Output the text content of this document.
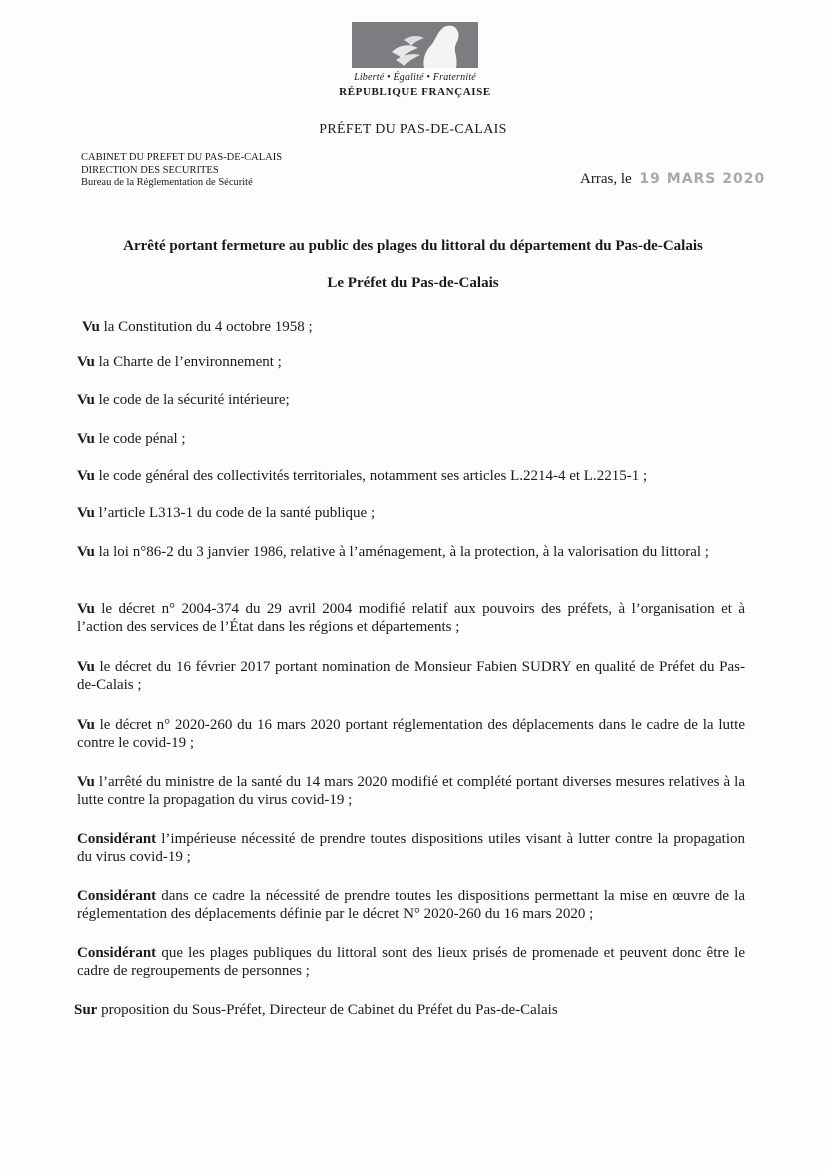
Liberté • Égalité • Fraternité
RÉPUBLIQUE FRANÇAISE
PRÉFET DU PAS-DE-CALAIS
CABINET DU PREFET DU PAS-DE-CALAIS
DIRECTION DES SECURITES
Bureau de la Réglementation de Sécurité	Arras, le 19 MARS 2020
Arrêté portant fermeture au public des plages du littoral du département du Pas-de-Calais
Le Préfet du Pas-de-Calais
Vu la Constitution du 4 octobre 1958 ;
Vu la Charte de l’environnement ;
Vu le code de la sécurité intérieure;
Vu le code pénal ;
Vu le code général des collectivités territoriales, notamment ses articles L.2214-4 et L.2215-1 ;
Vu l’article L313-1 du code de la santé publique ;
Vu la loi n°86-2 du 3 janvier 1986, relative à l’aménagement, à la protection, à la valorisation du littoral ;
Vu le décret n° 2004-374 du 29 avril 2004 modifié relatif aux pouvoirs des préfets, à l’organisation et à l’action des services de l’État dans les régions et départements ;
Vu le décret du 16 février 2017 portant nomination de Monsieur Fabien SUDRY en qualité de Préfet du Pas-de-Calais ;
Vu le décret n° 2020-260 du 16 mars 2020 portant réglementation des déplacements dans le cadre de la lutte contre le covid-19 ;
Vu l’arrêté du ministre de la santé du 14 mars 2020 modifié et complété portant diverses mesures relatives à la lutte contre la propagation du virus covid-19 ;
Considérant l’impérieuse nécessité de prendre toutes dispositions utiles visant à lutter contre la propagation du virus covid-19 ;
Considérant dans ce cadre la nécessité de prendre toutes les dispositions permettant la mise en œuvre de la réglementation des déplacements définie par le décret N° 2020-260 du 16 mars 2020 ;
Considérant que les plages publiques du littoral sont des lieux prisés de promenade et peuvent donc être le cadre de regroupements de personnes ;
Sur proposition du Sous-Préfet, Directeur de Cabinet du Préfet du Pas-de-Calais
